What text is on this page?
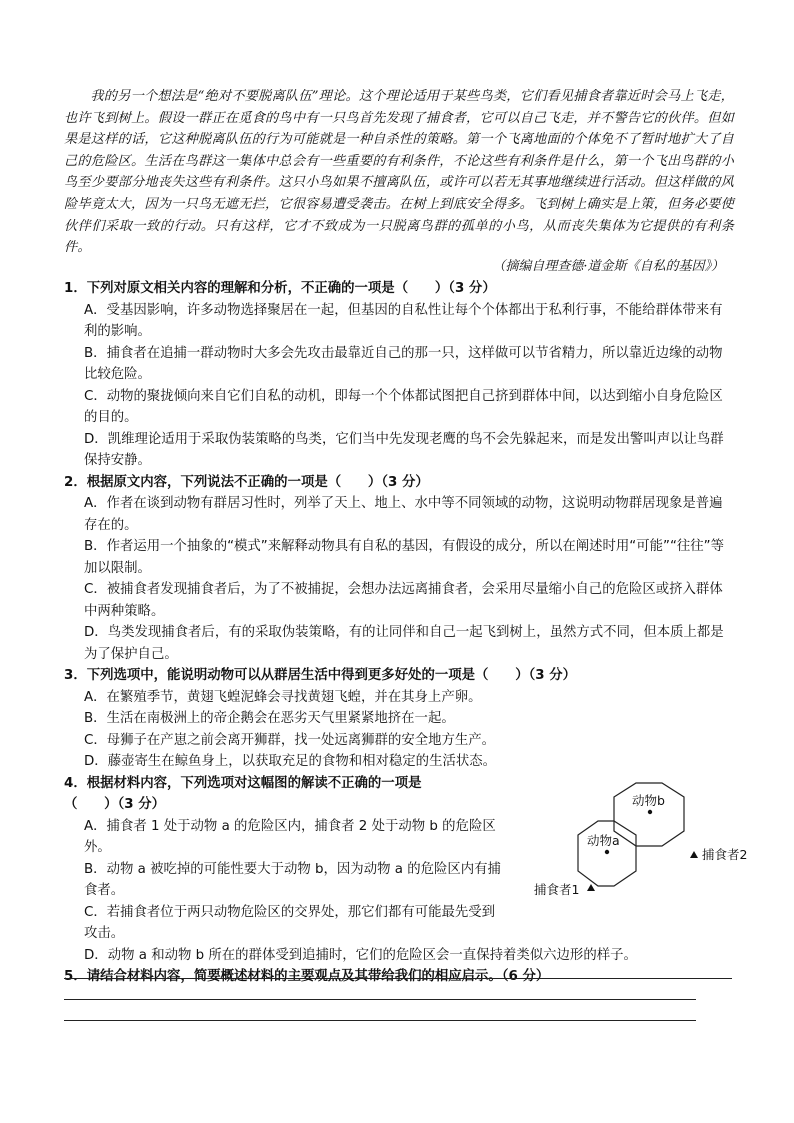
我的另一个想法是“绝对不要脱离队伍”理论。这个理论适用于某些鸟类，它们看见捕食者靠近时会马上飞走，也许飞到树上。假设一群正在觅食的鸟中有一只鸟首先发现了捕食者，它可以自己飞走，并不警告它的伙伴。但如果是这样的话，它这种脱离队伍的行为可能就是一种自杀性的策略。第一个飞离地面的个体免不了暂时地扩大了自己的危险区。生活在鸟群这一集体中总会有一些重要的有利条件，不论这些有利条件是什么，第一个飞出鸟群的小鸟至少要部分地丧失这些有利条件。这只小鸟如果不擅离队伍，或许可以若无其事地继续进行活动。但这样做的风险毕竟太大，因为一只鸟无遮无拦，它很容易遭受袭击。在树上到底安全得多。飞到树上确实是上策，但务必要使伙伴们采取一致的行动。只有这样，它才不致成为一只脱离鸟群的孤单的小鸟，从而丧失集体为它提供的有利条件。

（摘编自理查德·道金斯《自私的基因》）
1．下列对原文相关内容的理解和分析，不正确的一项是（　　）（3 分）
A．受基因影响，许多动物选择聚居在一起，但基因的自私性让每个个体都出于私利行事，不能给群体带来有利的影响。
B．捕食者在追捕一群动物时大多会先攻击最靠近自己的那一只，这样做可以节省精力，所以靠近边缘的动物比较危险。
C．动物的聚拢倾向来自它们自私的动机，即每一个个体都试图把自己挤到群体中间，以达到缩小自身危险区的目的。
D．凯维理论适用于采取伪装策略的鸟类，它们当中先发现老鹰的鸟不会先躲起来，而是发出警叫声以让鸟群保持安静。
2．根据原文内容，下列说法不正确的一项是（　　）（3 分）
A．作者在谈到动物有群居习性时，列举了天上、地上、水中等不同领域的动物，这说明动物群居现象是普遍存在的。
B．作者运用一个抽象的“模式”来解释动物具有自私的基因，有假设的成分，所以在阐述时用“可能”“往往”等加以限制。
C．被捕食者发现捕食者后，为了不被捕捉，会想办法远离捕食者，会采用尽量缩小自己的危险区或挤入群体中两种策略。
D．鸟类发现捕食者后，有的采取伪装策略，有的让同伴和自己一起飞到树上，虽然方式不同，但本质上都是为了保护自己。
3．下列选项中，能说明动物可以从群居生活中得到更多好处的一项是（　　）（3 分）
A．在繁殖季节，黄翅飞蝗泥蜂会寻找黄翅飞蝗，并在其身上产卵。
B．生活在南极洲上的帝企鹅会在恶劣天气里紧紧地挤在一起。
C．母狮子在产崽之前会离开狮群，找一处远离狮群的安全地方生产。
D．藤壶寄生在鲸鱼身上，以获取充足的食物和相对稳定的生活状态。
4．根据材料内容，下列选项对这幅图的解读不正确的一项是
（　　）（3 分）
A．捕食者 1 处于动物 a 的危险区内，捕食者 2 处于动物 b 的危险区外。
B．动物 a 被吃掉的可能性要大于动物 b，因为动物 a 的危险区内有捕食者。
C．若捕食者位于两只动物危险区的交界处，那它们都有可能最先受到攻击。
D．动物 a 和动物 b 所在的群体受到追捕时，它们的危险区会一直保持着类似六边形的样子。
动物b
动物a
捕食者2
捕食者1
5．请结合材料内容，简要概述材料的主要观点及其带给我们的相应启示。（6 分）
